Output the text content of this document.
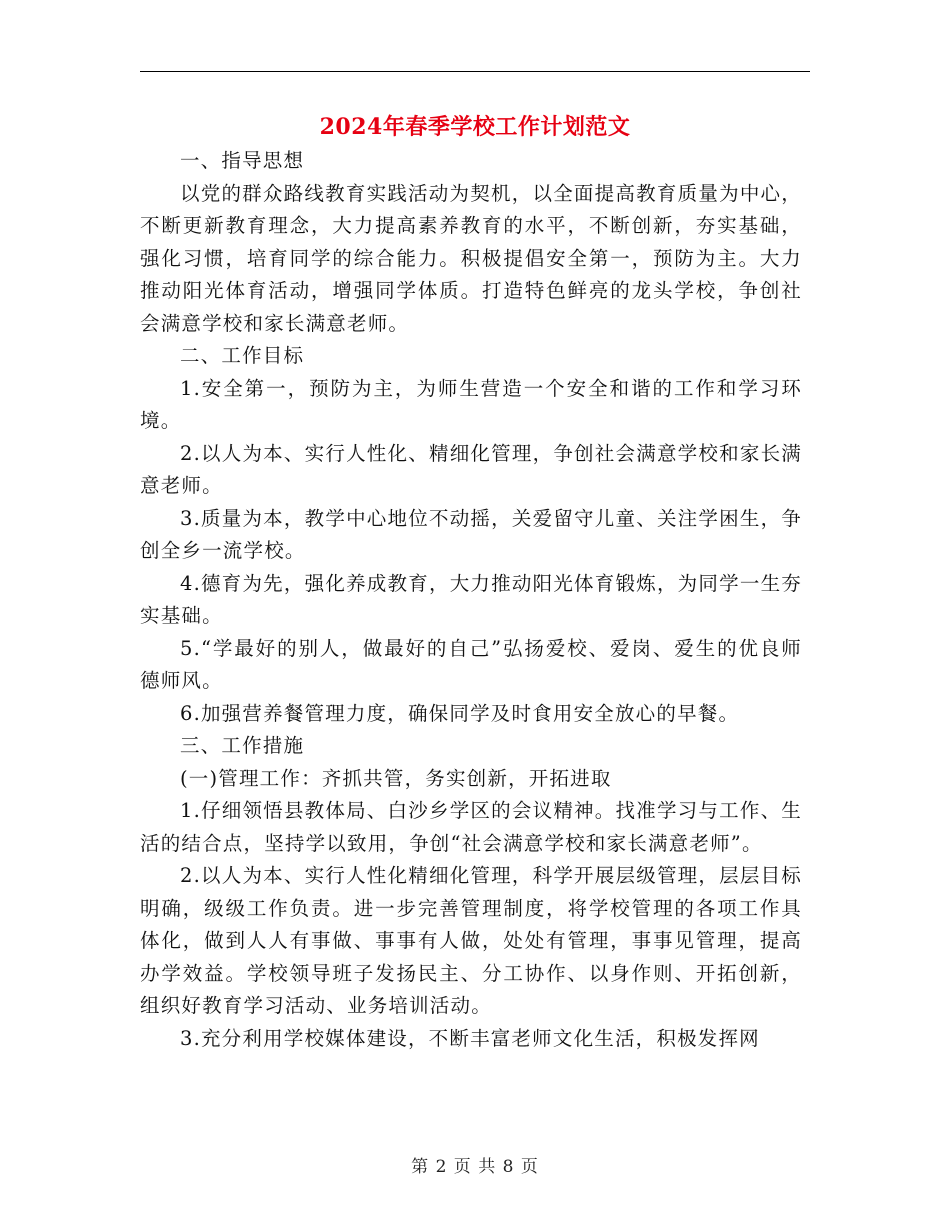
2024年春季学校工作计划范文

一、指导思想

以党的群众路线教育实践活动为契机，以全面提高教育质量为中心，不断更新教育理念，大力提高素养教育的水平，不断创新，夯实基础，强化习惯，培育同学的综合能力。积极提倡安全第一，预防为主。大力推动阳光体育活动，增强同学体质。打造特色鲜亮的龙头学校，争创社会满意学校和家长满意老师。

二、工作目标

1.安全第一，预防为主，为师生营造一个安全和谐的工作和学习环境。

2.以人为本、实行人性化、精细化管理，争创社会满意学校和家长满意老师。

3.质量为本，教学中心地位不动摇，关爱留守儿童、关注学困生，争创全乡一流学校。

4.德育为先，强化养成教育，大力推动阳光体育锻炼，为同学一生夯实基础。

5.“学最好的别人，做最好的自己”弘扬爱校、爱岗、爱生的优良师德师风。

6.加强营养餐管理力度，确保同学及时食用安全放心的早餐。

三、工作措施

(一)管理工作：齐抓共管，务实创新，开拓进取

1.仔细领悟县教体局、白沙乡学区的会议精神。找准学习与工作、生活的结合点，坚持学以致用，争创“社会满意学校和家长满意老师”。

2.以人为本、实行人性化精细化管理，科学开展层级管理，层层目标明确，级级工作负责。进一步完善管理制度，将学校管理的各项工作具体化，做到人人有事做、事事有人做，处处有管理，事事见管理，提高办学效益。学校领导班子发扬民主、分工协作、以身作则、开拓创新，组织好教育学习活动、业务培训活动。

3.充分利用学校媒体建设，不断丰富老师文化生活，积极发挥网

第 2 页 共 8 页
